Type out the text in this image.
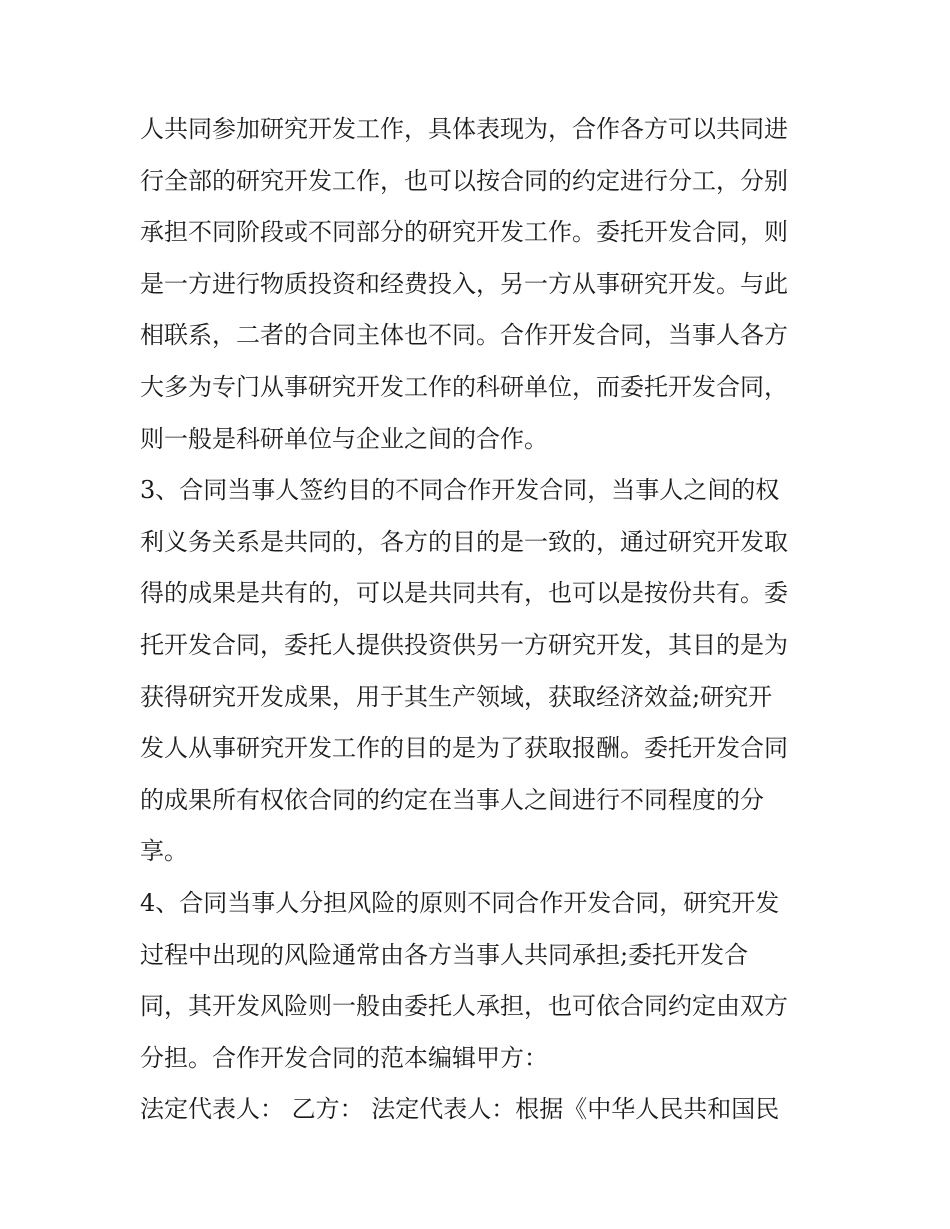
人共同参加研究开发工作，具体表现为，合作各方可以共同进
行全部的研究开发工作，也可以按合同的约定进行分工，分别
承担不同阶段或不同部分的研究开发工作。委托开发合同，则
是一方进行物质投资和经费投入，另一方从事研究开发。与此
相联系，二者的合同主体也不同。合作开发合同，当事人各方
大多为专门从事研究开发工作的科研单位，而委托开发合同，
则一般是科研单位与企业之间的合作。
3、合同当事人签约目的不同合作开发合同，当事人之间的权
利义务关系是共同的，各方的目的是一致的，通过研究开发取
得的成果是共有的，可以是共同共有，也可以是按份共有。委
托开发合同，委托人提供投资供另一方研究开发，其目的是为
获得研究开发成果，用于其生产领域，获取经济效益;研究开
发人从事研究开发工作的目的是为了获取报酬。委托开发合同
的成果所有权依合同的约定在当事人之间进行不同程度的分
享。
4、合同当事人分担风险的原则不同合作开发合同，研究开发
过程中出现的风险通常由各方当事人共同承担;委托开发合
同，其开发风险则一般由委托人承担，也可依合同约定由双方
分担。合作开发合同的范本编辑甲方：
法定代表人： 乙方： 法定代表人：根据《中华人民共和国民
